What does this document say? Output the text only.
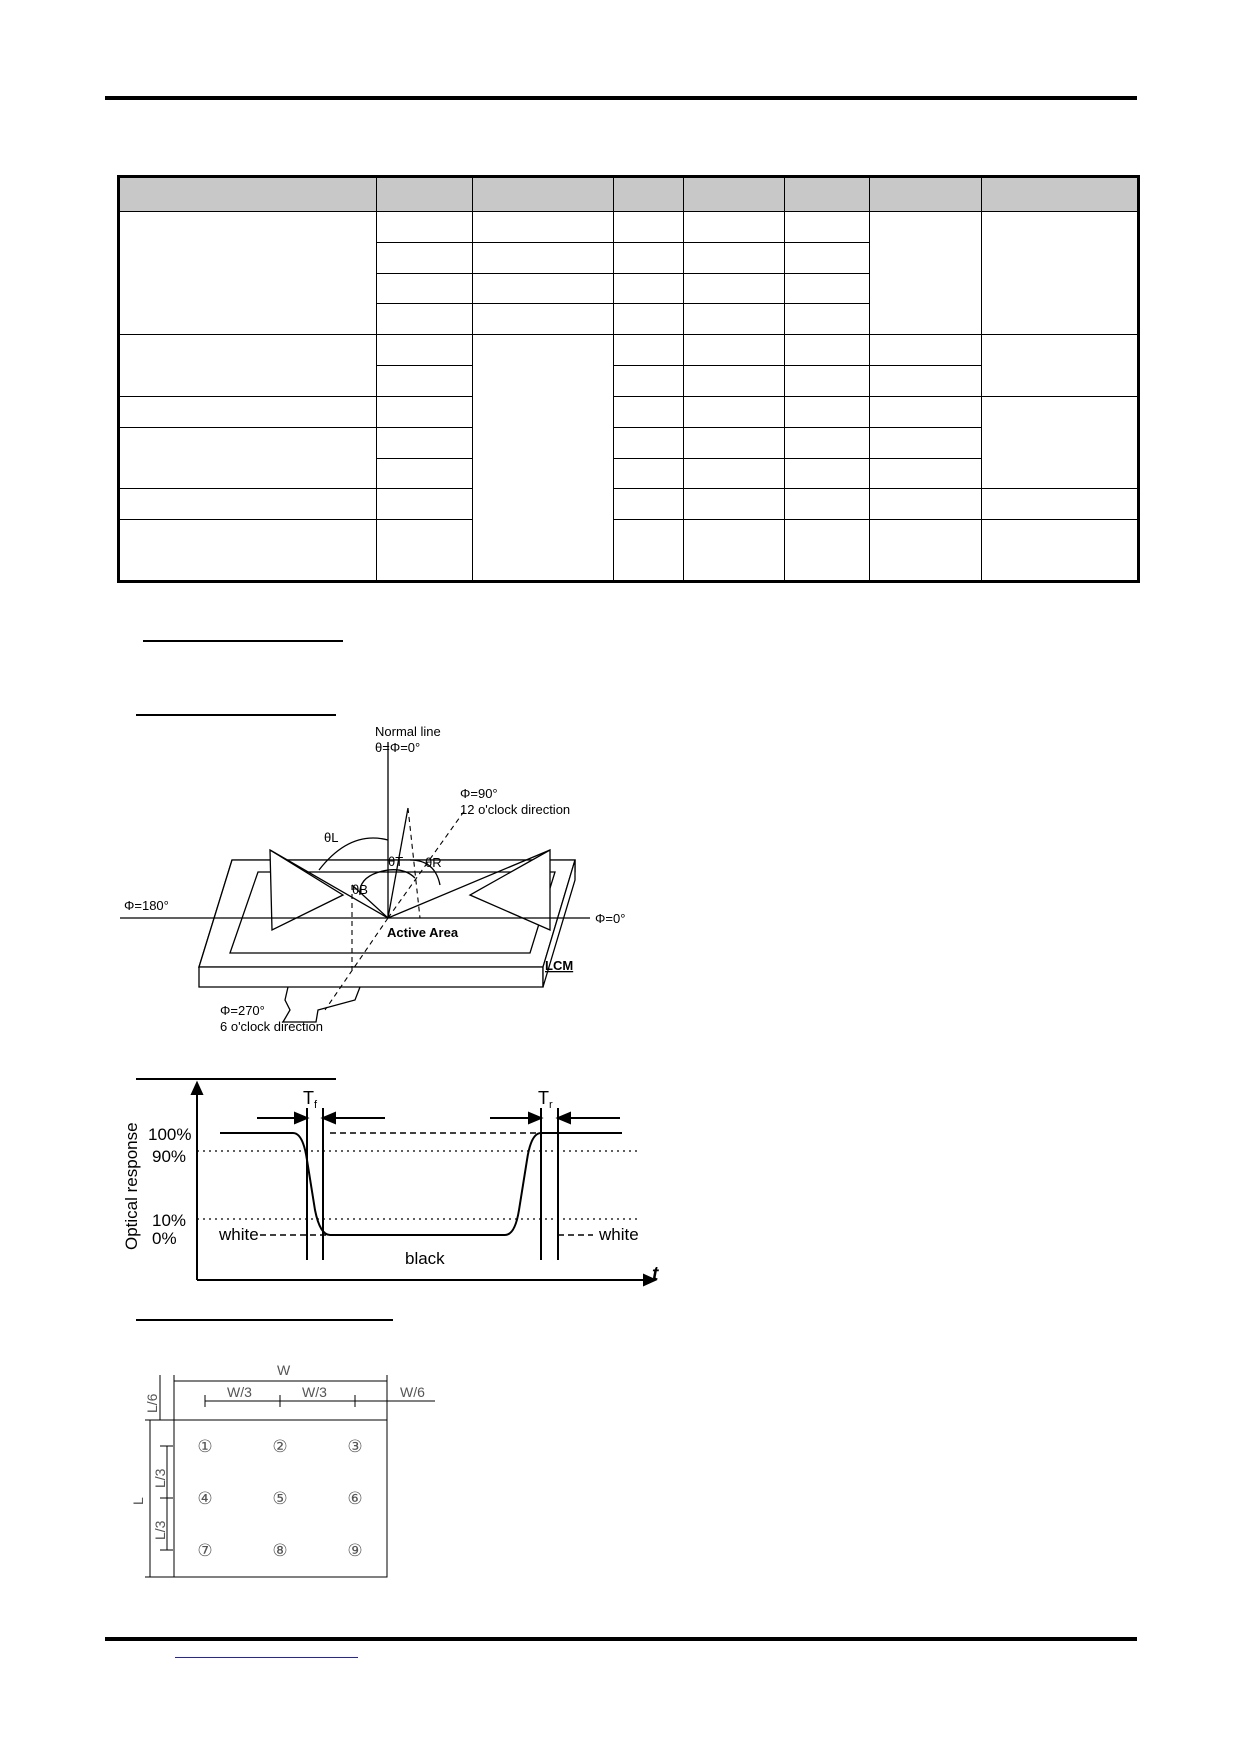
Normal line
θ=Φ=0°
Φ=90°
12 o'clock direction
θL
θT θR
θB
Φ=180°
Φ=0°
Active Area
LCM
Φ=270°
6 o'clock direction
Optical response
$T_f$	$T_r$
100%
90%
10%
0% white
black
white
t
W
W/3	W/3	W/6
L/6
L
L/3
L/3
①	②	③
④	⑤	⑥
⑦	⑧	⑨
